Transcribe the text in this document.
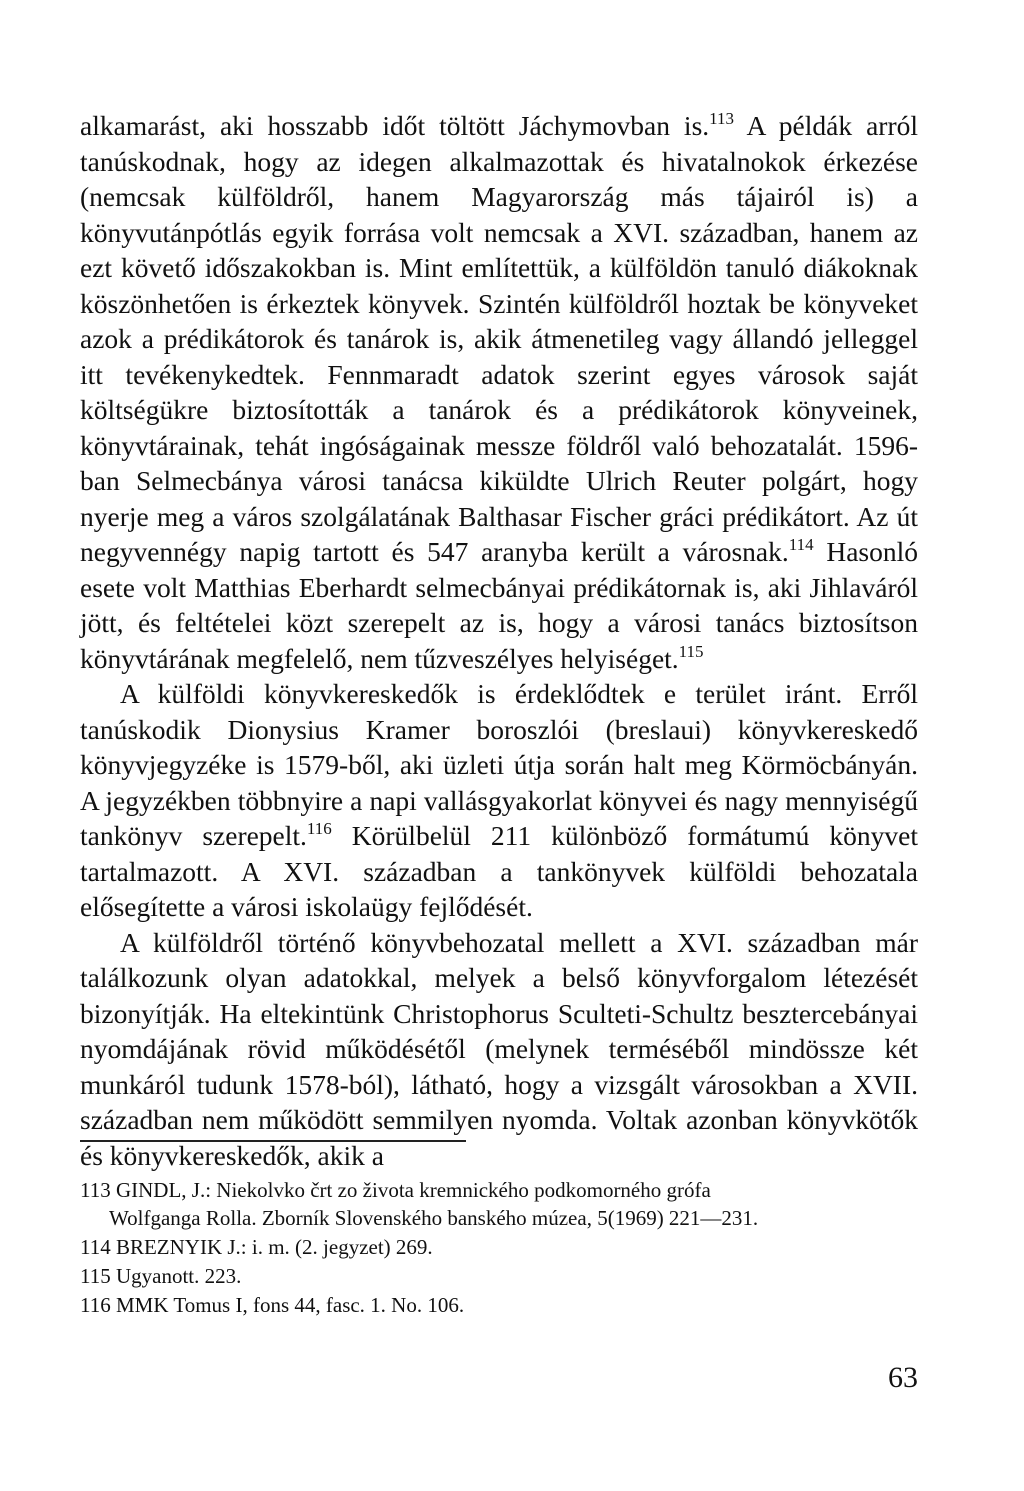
alkamarást, aki hosszabb időt töltött Jáchymovban is.$^{113}$ A példák arról tanúskodnak, hogy az idegen alkalmazottak és hivatalnokok érkezése (nemcsak külföldről, hanem Magyarország más tájairól is) a könyvutánpótlás egyik forrása volt nemcsak a XVI. században, hanem az ezt követő időszakokban is. Mint említettük, a külföldön tanuló diákoknak köszönhetően is érkeztek könyvek. Szintén külföldről hoztak be könyveket azok a prédikátorok és tanárok is, akik átmenetileg vagy állandó jelleggel itt tevékenykedtek. Fennmaradt adatok szerint egyes városok saját költségükre biztosították a tanárok és a prédikátorok könyveinek, könyvtárainak, tehát ingóságainak messze földről való behozatalát. 1596-ban Selmecbánya városi tanácsa kiküldte Ulrich Reuter polgárt, hogy nyerje meg a város szolgálatának Balthasar Fischer gráci prédikátort. Az út negyvennégy napig tartott és 547 aranyba került a városnak.$^{114}$ Hasonló esete volt Matthias Eberhardt selmecbányai prédikátornak is, aki Jihlaváról jött, és feltételei közt szerepelt az is, hogy a városi tanács biztosítson könyvtárának megfelelő, nem tűzveszélyes helyiséget.$^{115}$

A külföldi könyvkereskedők is érdeklődtek e terület iránt. Erről tanúskodik Dionysius Kramer boroszlói (breslaui) könyvkereskedő könyvjegyzéke is 1579-ből, aki üzleti útja során halt meg Körmöcbányán. A jegyzékben többnyire a napi vallásgyakorlat könyvei és nagy mennyiségű tankönyv szerepelt.$^{116}$ Körülbelül 211 különböző formátumú könyvet tartalmazott. A XVI. században a tankönyvek külföldi behozatala elősegítette a városi iskolaügy fejlődését.

A külföldről történő könyvbehozatal mellett a XVI. században már találkozunk olyan adatokkal, melyek a belső könyvforgalom létezését bizonyítják. Ha eltekintünk Christophorus Sculteti-Schultz besztercebányai nyomdájának rövid működésétől (melynek terméséből mindössze két munkáról tudunk 1578-ból), látható, hogy a vizsgált városokban a XVII. században nem működött semmilyen nyomda. Voltak azonban könyvkötők és könyvkereskedők, akik a

113 GINDL, J.: Niekolvko črt zo života kremnického podkomorného grófa
Wolfganga Rolla. Zborník Slovenského banského múzea, 5(1969) 221—231.
114 BREZNYIK J.: i. m. (2. jegyzet) 269.
115 Ugyanott. 223.
116 MMK Tomus I, fons 44, fasc. 1. No. 106.
63
